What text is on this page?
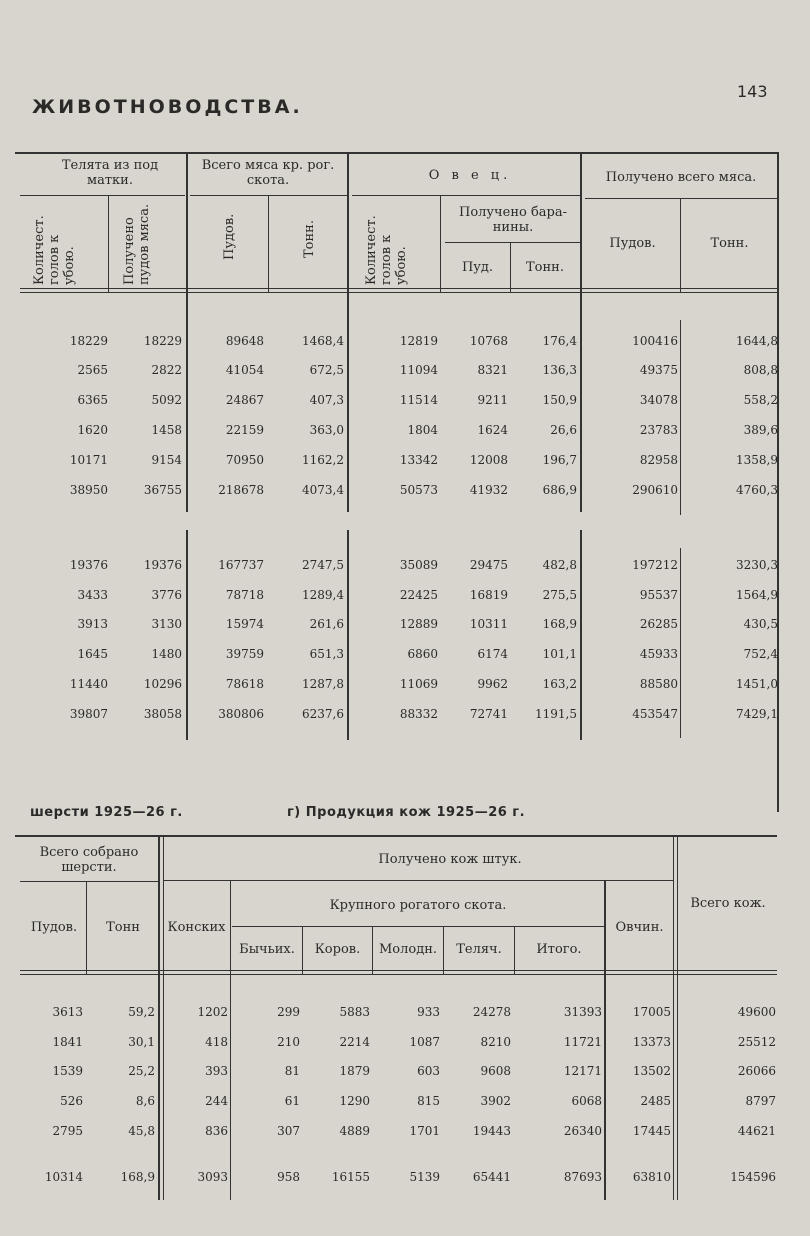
ЖИВОТНОВОДСТВА.
143
Телята из под матки.
Всего мяса кр. рог. скота.	О в е ц.	Получено всего мяса.
Количест. голов к убою.	Получено пудов мяса.	Пудов.	Тонн.	Количест. голов к убою.
Получено бара- нины.
Пуд.	Тонн.
Пудов.	Тонн.
18229	18229	89648	1468,4	12819	10768	176,4	100416	1644,8
2565	2822	41054	672,5	11094	8321	136,3	49375	808,8
6365	5092	24867	407,3	11514	9211	150,9	34078	558,2
1620	1458	22159	363,0	1804	1624	26,6	23783	389,6
10171	9154	70950	1162,2	13342	12008	196,7	82958	1358,9
38950	36755	218678	4073,4	50573	41932	686,9	290610	4760,3
19376	19376	167737	2747,5	35089	29475	482,8	197212	3230,3
3433	3776	78718	1289,4	22425	16819	275,5	95537	1564,9
3913	3130	15974	261,6	12889	10311	168,9	26285	430,5
1645	1480	39759	651,3	6860	6174	101,1	45933	752,4
11440	10296	78618	1287,8	11069	9962	163,2	88580	1451,0
39807	38058	380806	6237,6	88332	72741 1191,5	453547	7429,1
шерсти 1925—26 г.	г) Продукция кож 1925—26 г.
Всего собрано шерсти.
Пудов.	Тонн
Получено кож штук.
Конских
Крупного рогатого скота.
Бычьих.	Коров.	Молодн.	Теляч.	Итого.
Овчин.
Всего кож.
3613	59,2	1202	299	5883	933	24278	31393	17005	49600
1841	30,1	418	210	2214	1087	8210	11721	13373	25512
1539	25,2	393	81	1879	603	9608	12171	13502	26066
526	8,6	244	61	1290	815	3902	6068	2485	8797
2795	45,8	836	307	4889	1701	19443	26340	17445	44621
10314	168,9	3093	958	16155	5139	65441	87693	63810	154596
